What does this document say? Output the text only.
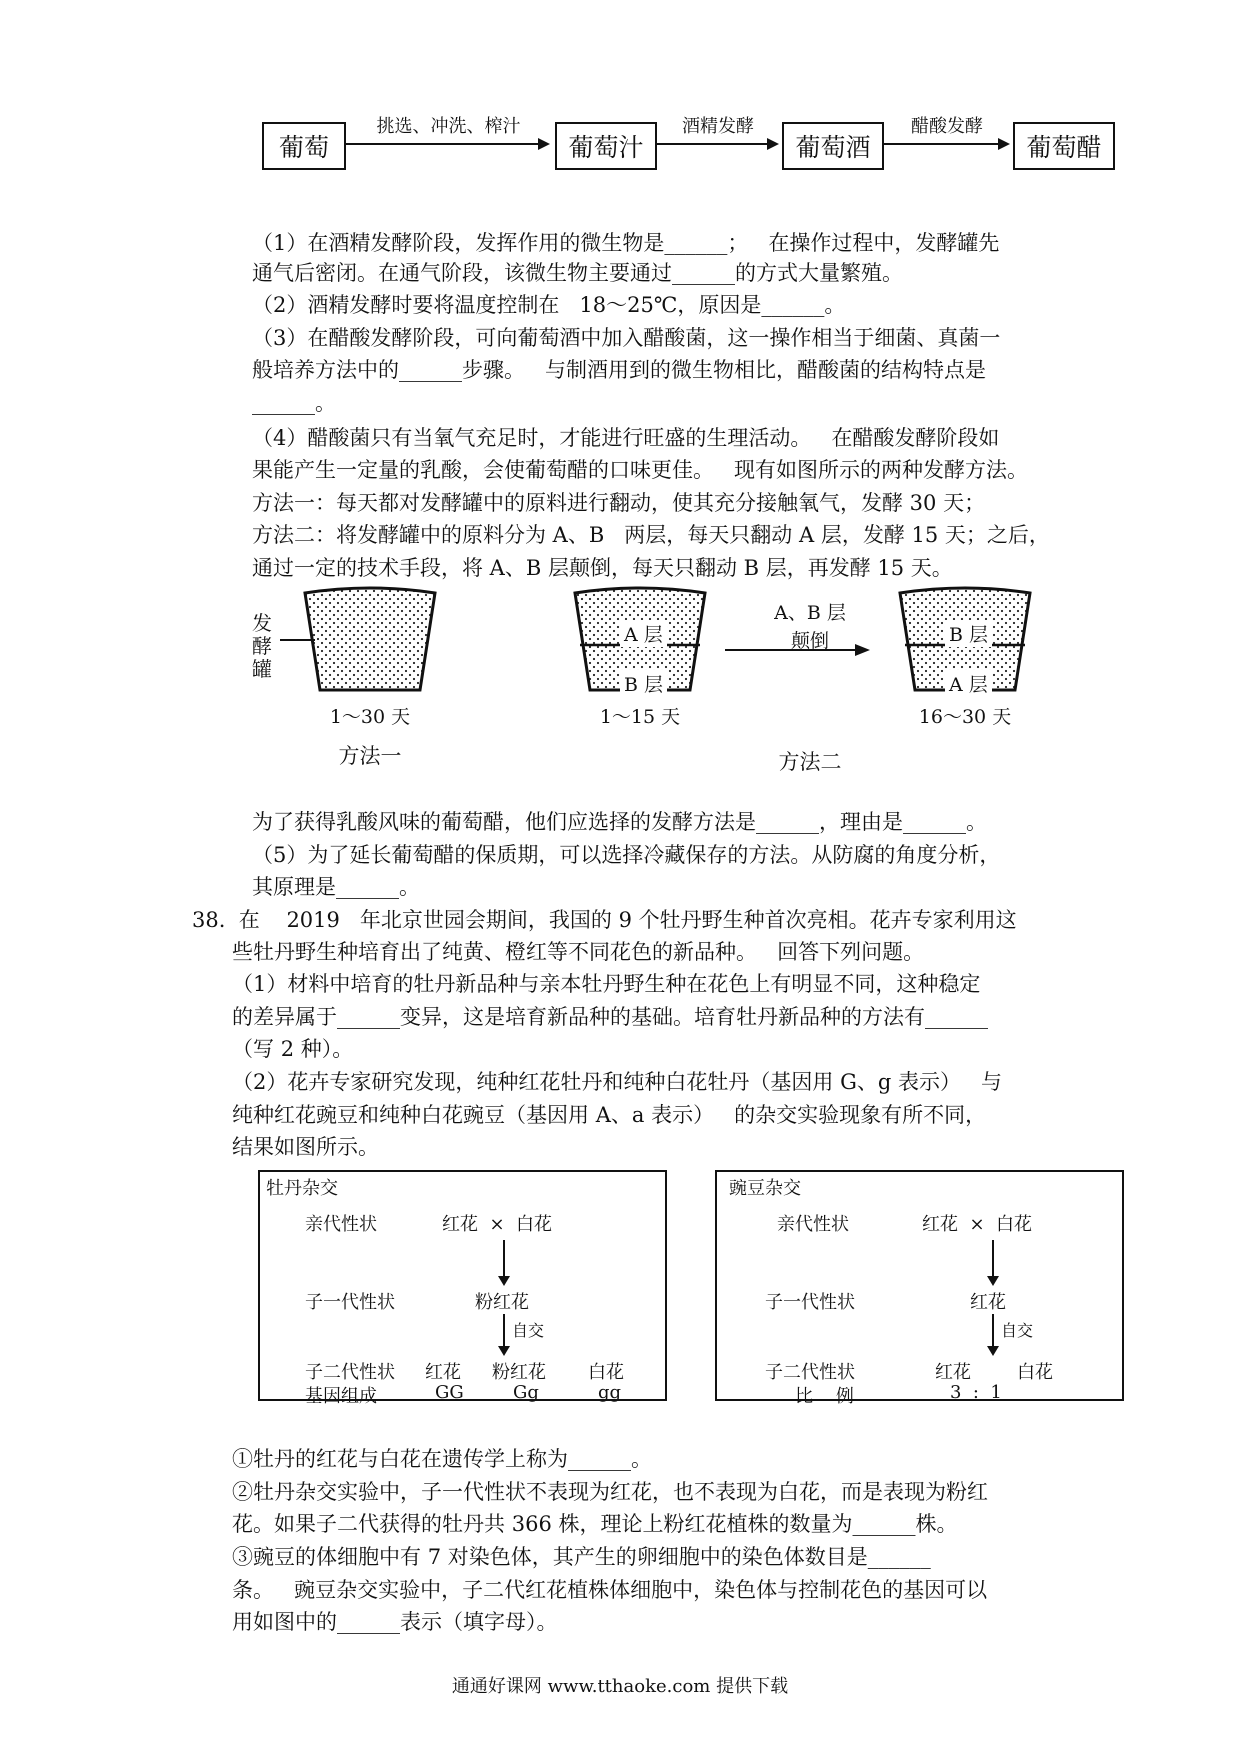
葡萄	葡萄汁	葡萄酒	葡萄醋
挑选、冲洗、榨汁	酒精发酵	醋酸发酵
（1）在酒精发酵阶段，发挥作用的微生物是______；   在操作过程中，发酵罐先
通气后密闭。在通气阶段，该微生物主要通过______的方式大量繁殖。
（2）酒精发酵时要将温度控制在   18～25℃，原因是______。
（3）在醋酸发酵阶段，可向葡萄酒中加入醋酸菌，这一操作相当于细菌、真菌一
般培养方法中的______步骤。   与制酒用到的微生物相比，醋酸菌的结构特点是
______。
（4）醋酸菌只有当氧气充足时，才能进行旺盛的生理活动。   在醋酸发酵阶段如
果能产生一定量的乳酸，会使葡萄醋的口味更佳。   现有如图所示的两种发酵方法。
方法一：每天都对发酵罐中的原料进行翻动，使其充分接触氧气，发酵 30 天；
方法二：将发酵罐中的原料分为 A、B   两层，每天只翻动 A 层，发酵 15 天；之后，
通过一定的技术手段，将 A、B 层颠倒，每天只翻动 B 层，再发酵 15 天。
发
酵
罐
A 层
B 层
B 层
A 层
A、B 层
颠倒
1～30 天	1～15 天	16～30 天
方法一	方法二
为了获得乳酸风味的葡萄醋，他们应选择的发酵方法是______，理由是______。
（5）为了延长葡萄醋的保质期，可以选择冷藏保存的方法。从防腐的角度分析，
其原理是______。
38.  在    2019   年北京世园会期间，我国的 9 个牡丹野生种首次亮相。花卉专家利用这
些牡丹野生种培育出了纯黄、橙红等不同花色的新品种。   回答下列问题。
（1）材料中培育的牡丹新品种与亲本牡丹野生种在花色上有明显不同，这种稳定
的差异属于______变异，这是培育新品种的基础。培育牡丹新品种的方法有______
（写 2 种）。
（2）花卉专家研究发现，纯种红花牡丹和纯种白花牡丹（基因用 G、g 表示）   与
纯种红花豌豆和纯种白花豌豆（基因用 A、a 表示）   的杂交实验现象有所不同，
结果如图所示。
牡丹杂交
亲代性状	红花  ×  白花
子一代性状	粉红花
自交
子二代性状 红花 粉红花 白花
基因组成	GG	Gg	gg
豌豆杂交
亲代性状	红花  ×  白花
子一代性状	红花
自交
子二代性状	红花	白花
比    例	3  :  1
①牡丹的红花与白花在遗传学上称为______。
②牡丹杂交实验中，子一代性状不表现为红花，也不表现为白花，而是表现为粉红
花。如果子二代获得的牡丹共 366 株，理论上粉红花植株的数量为______株。
③豌豆的体细胞中有 7 对染色体，其产生的卵细胞中的染色体数目是______
条。   豌豆杂交实验中，子二代红花植株体细胞中，染色体与控制花色的基因可以
用如图中的______表示（填字母）。
通通好课网 www.tthaoke.com 提供下载
